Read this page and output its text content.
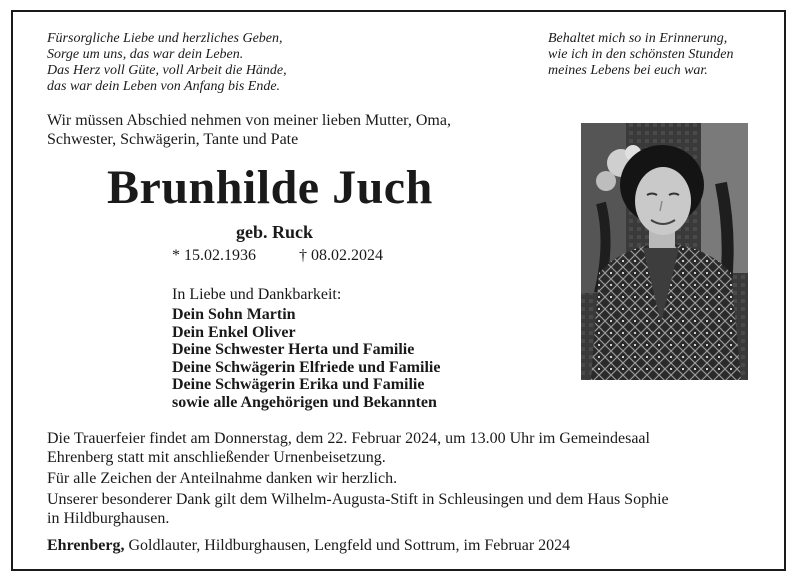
Fürsorgliche Liebe und herzliches Geben,
Sorge um uns, das war dein Leben.
Das Herz voll Güte, voll Arbeit die Hände,
das war dein Leben von Anfang bis Ende.
Behaltet mich so in Erinnerung,
wie ich in den schönsten Stunden
meines Lebens bei euch war.
Wir müssen Abschied nehmen von meiner lieben Mutter, Oma,
Schwester, Schwägerin, Tante und Pate
Brunhilde Juch
geb. Ruck
* 15.02.1936	† 08.02.2024
In Liebe und Dankbarkeit:
Dein Sohn Martin
Dein Enkel Oliver
Deine Schwester Herta und Familie
Deine Schwägerin Elfriede und Familie
Deine Schwägerin Erika und Familie
sowie alle Angehörigen und Bekannten
Die Trauerfeier findet am Donnerstag, dem 22. Februar 2024, um 13.00 Uhr im Gemeindesaal
Ehrenberg statt mit anschließender Urnenbeisetzung.
Für alle Zeichen der Anteilnahme danken wir herzlich.
Unserer besonderer Dank gilt dem Wilhelm-Augusta-Stift in Schleusingen und dem Haus Sophie
in Hildburghausen.
Ehrenberg, Goldlauter, Hildburghausen, Lengfeld und Sottrum, im Februar 2024
